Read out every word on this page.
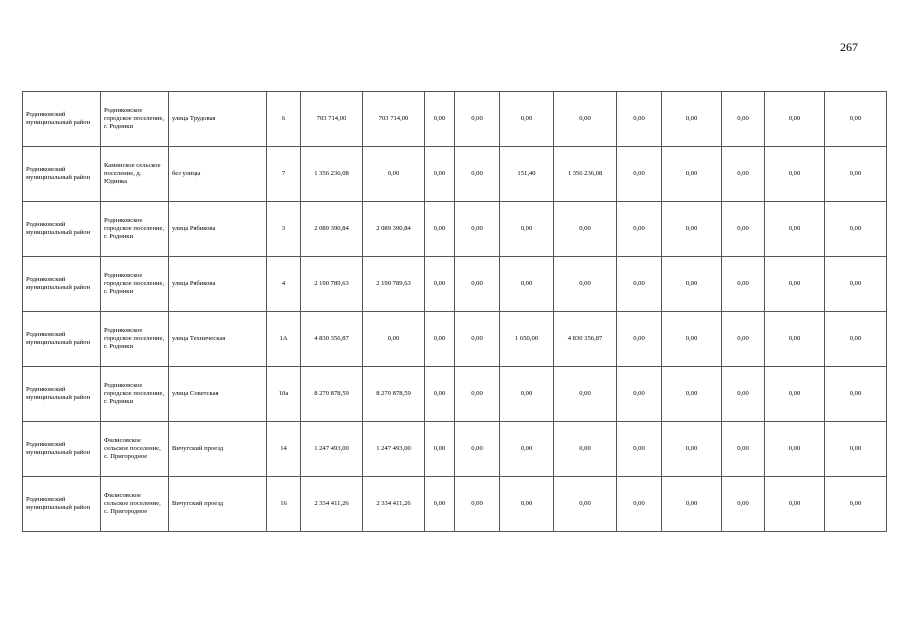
267
Родниковский муниципальный район	Родниковское городское поселение, г. Родники	улица Трудовая	6	703 714,00	703 714,00	0,00	0,00	0,00	0,00	0,00	0,00	0,00	0,00	0,00
Родниковский муниципальный район	Каминское сельское поселение, д. Юдинка	без улицы	7	1 356 236,08	0,00	0,00	0,00	151,40	1 356 236,08	0,00	0,00	0,00	0,00	0,00
Родниковский муниципальный район	Родниковское городское поселение, г. Родники	улица Рябикова	3	2 089 390,84	2 089 390,84	0,00	0,00	0,00	0,00	0,00	0,00	0,00	0,00	0,00
Родниковский муниципальный район	Родниковское городское поселение, г. Родники	улица Рябикова	4	2 190 789,63	2 190 789,63	0,00	0,00	0,00	0,00	0,00	0,00	0,00	0,00	0,00
Родниковский муниципальный район	Родниковское городское поселение, г. Родники	улица Техническая	1А	4 830 356,87	0,00	0,00	0,00	1 650,00	4 830 356,87	0,00	0,00	0,00	0,00	0,00
Родниковский муниципальный район	Родниковское городское поселение, г. Родники	улица Советская	10а	8 270 878,59	8 270 878,59	0,00	0,00	0,00	0,00	0,00	0,00	0,00	0,00	0,00
Родниковский муниципальный район	Филисовское сельское поселение, с. Пригородное	Вичугский проезд	14	1 247 493,00	1 247 493,00	0,00	0,00	0,00	0,00	0,00	0,00	0,00	0,00	0,00
Родниковский муниципальный район	Филисовское сельское поселение, с. Пригородное	Вичугский проезд	16	2 334 411,26	2 334 411,26	0,00	0,00	0,00	0,00	0,00	0,00	0,00	0,00	0,00
